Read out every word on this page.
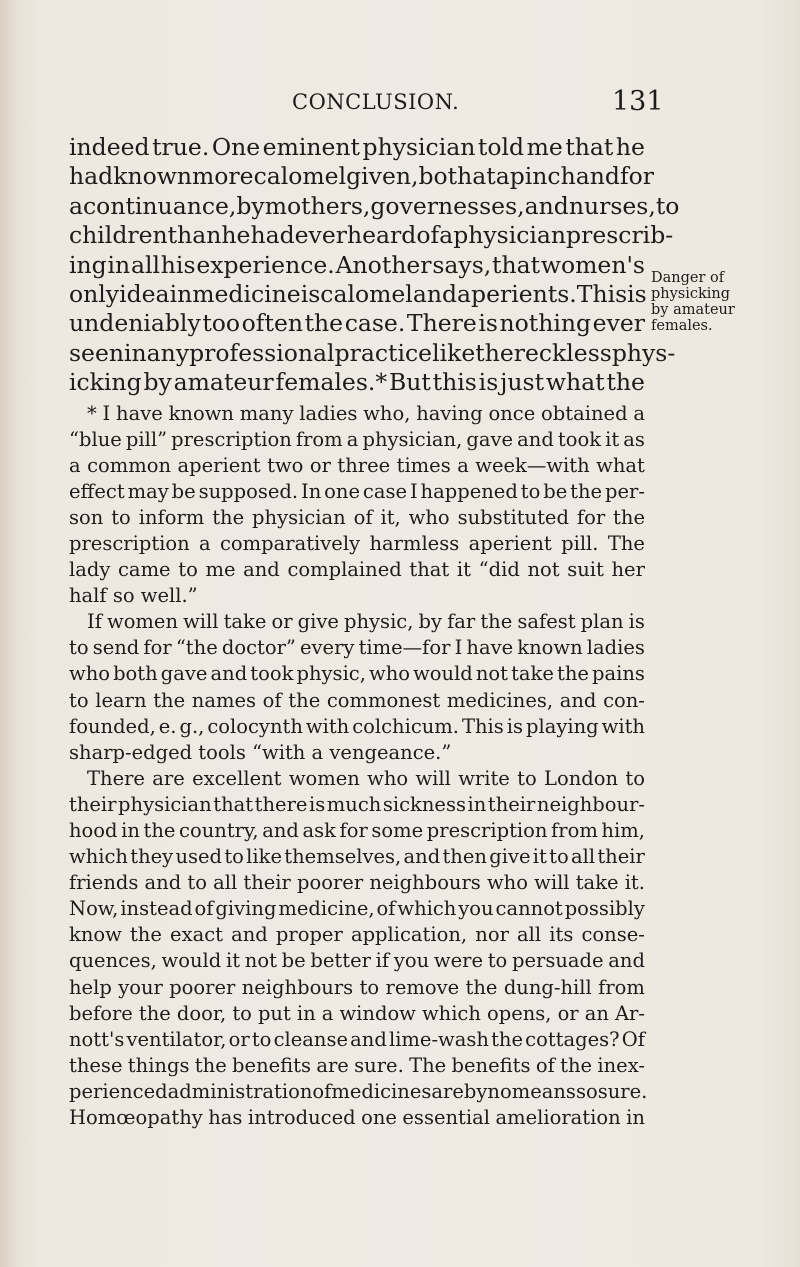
CONCLUSION.	131
indeed true. One eminent physician told me that he
had known more calomel given, both at a pinch and for
a continuance, by mothers, governesses, and nurses, to
children than he had ever heard of a physician prescrib-
ing in all his experience. Another says, that women's
only idea in medicine is calomel and aperients. This is
undeniably too often the case. There is nothing ever
seen in any professional practice like the reckless phys-
icking by amateur females.* But this is just what the
* I have known many ladies who, having once obtained a
“blue pill” prescription from a physician, gave and took it as
a common aperient two or three times a week—with what
effect may be supposed. In one case I happened to be the per-
son to inform the physician of it, who substituted for the
prescription a comparatively harmless aperient pill. The
lady came to me and complained that it “did not suit her
half so well.”
If women will take or give physic, by far the safest plan is
to send for “the doctor” every time—for I have known ladies
who both gave and took physic, who would not take the pains
to learn the names of the commonest medicines, and con-
founded, e. g., colocynth with colchicum. This is playing with
sharp-edged tools “with a vengeance.”
There are excellent women who will write to London to
their physician that there is much sickness in their neighbour-
hood in the country, and ask for some prescription from him,
which they used to like themselves, and then give it to all their
friends and to all their poorer neighbours who will take it.
Now, instead of giving medicine, of which you cannot possibly
know the exact and proper application, nor all its conse-
quences, would it not be better if you were to persuade and
help your poorer neighbours to remove the dung-hill from
before the door, to put in a window which opens, or an Ar-
nott's ventilator, or to cleanse and lime-wash the cottages? Of
these things the benefits are sure. The benefits of the inex-
perienced administration of medicines are by no means so sure.
Homœopathy has introduced one essential amelioration in
Danger of
physicking
by amateur
females.
